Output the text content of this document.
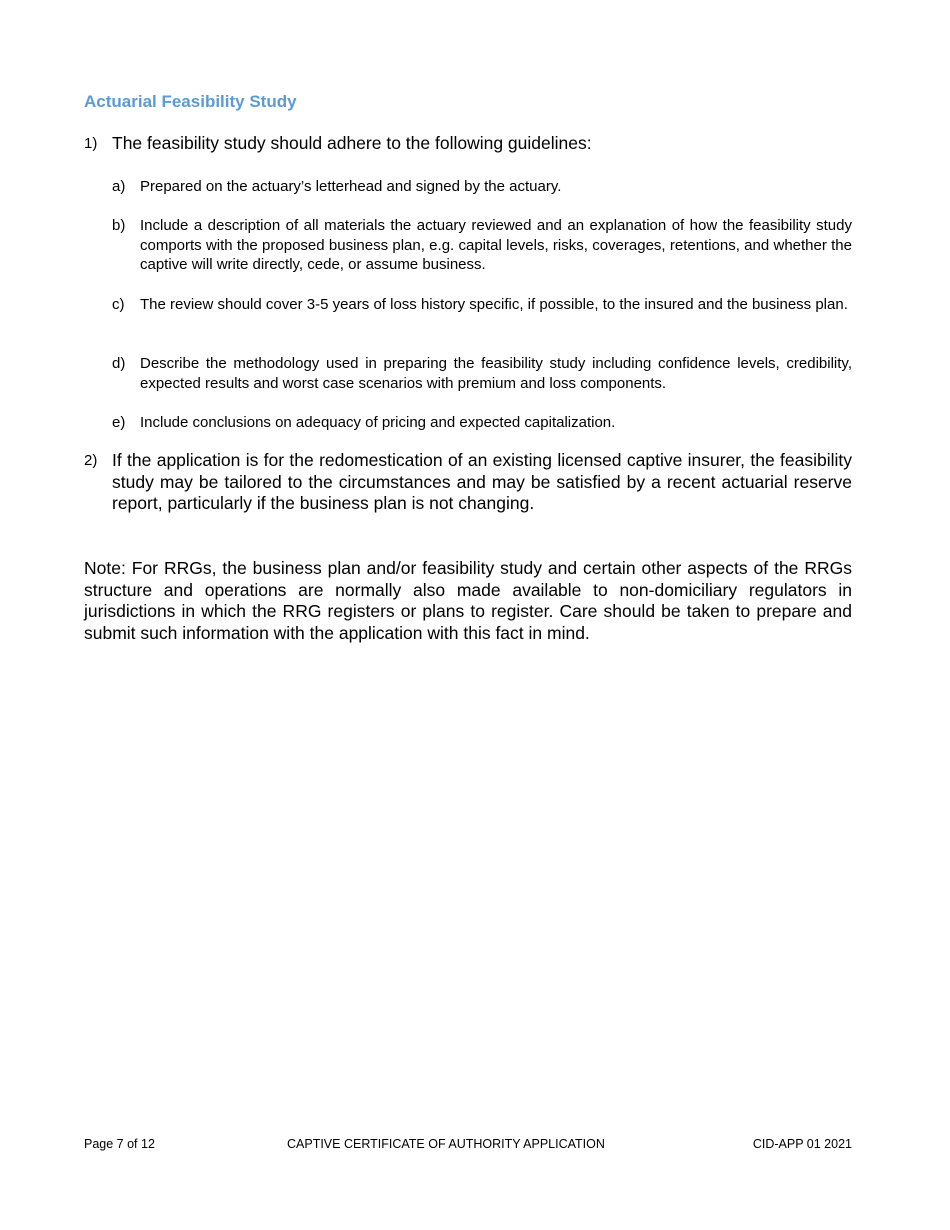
Actuarial Feasibility Study
1) The feasibility study should adhere to the following guidelines:
a) Prepared on the actuary’s letterhead and signed by the actuary.
b) Include a description of all materials the actuary reviewed and an explanation of how the feasibility study comports with the proposed business plan, e.g. capital levels, risks, coverages, retentions, and whether the captive will write directly, cede, or assume business.
c) The review should cover 3-5 years of loss history specific, if possible, to the insured and the business plan.
d) Describe the methodology used in preparing the feasibility study including confidence levels, credibility, expected results and worst case scenarios with premium and loss components.
e) Include conclusions on adequacy of pricing and expected capitalization.
2) If the application is for the redomestication of an existing licensed captive insurer, the feasibility study may be tailored to the circumstances and may be satisfied by a recent actuarial reserve report, particularly if the business plan is not changing.

Note: For RRGs, the business plan and/or feasibility study and certain other aspects of the RRGs structure and operations are normally also made available to non-domiciliary regulators in jurisdictions in which the RRG registers or plans to register. Care should be taken to prepare and submit such information with the application with this fact in mind.

Page 7 of 12	CAPTIVE CERTIFICATE OF AUTHORITY APPLICATION	CID-APP 01 2021
